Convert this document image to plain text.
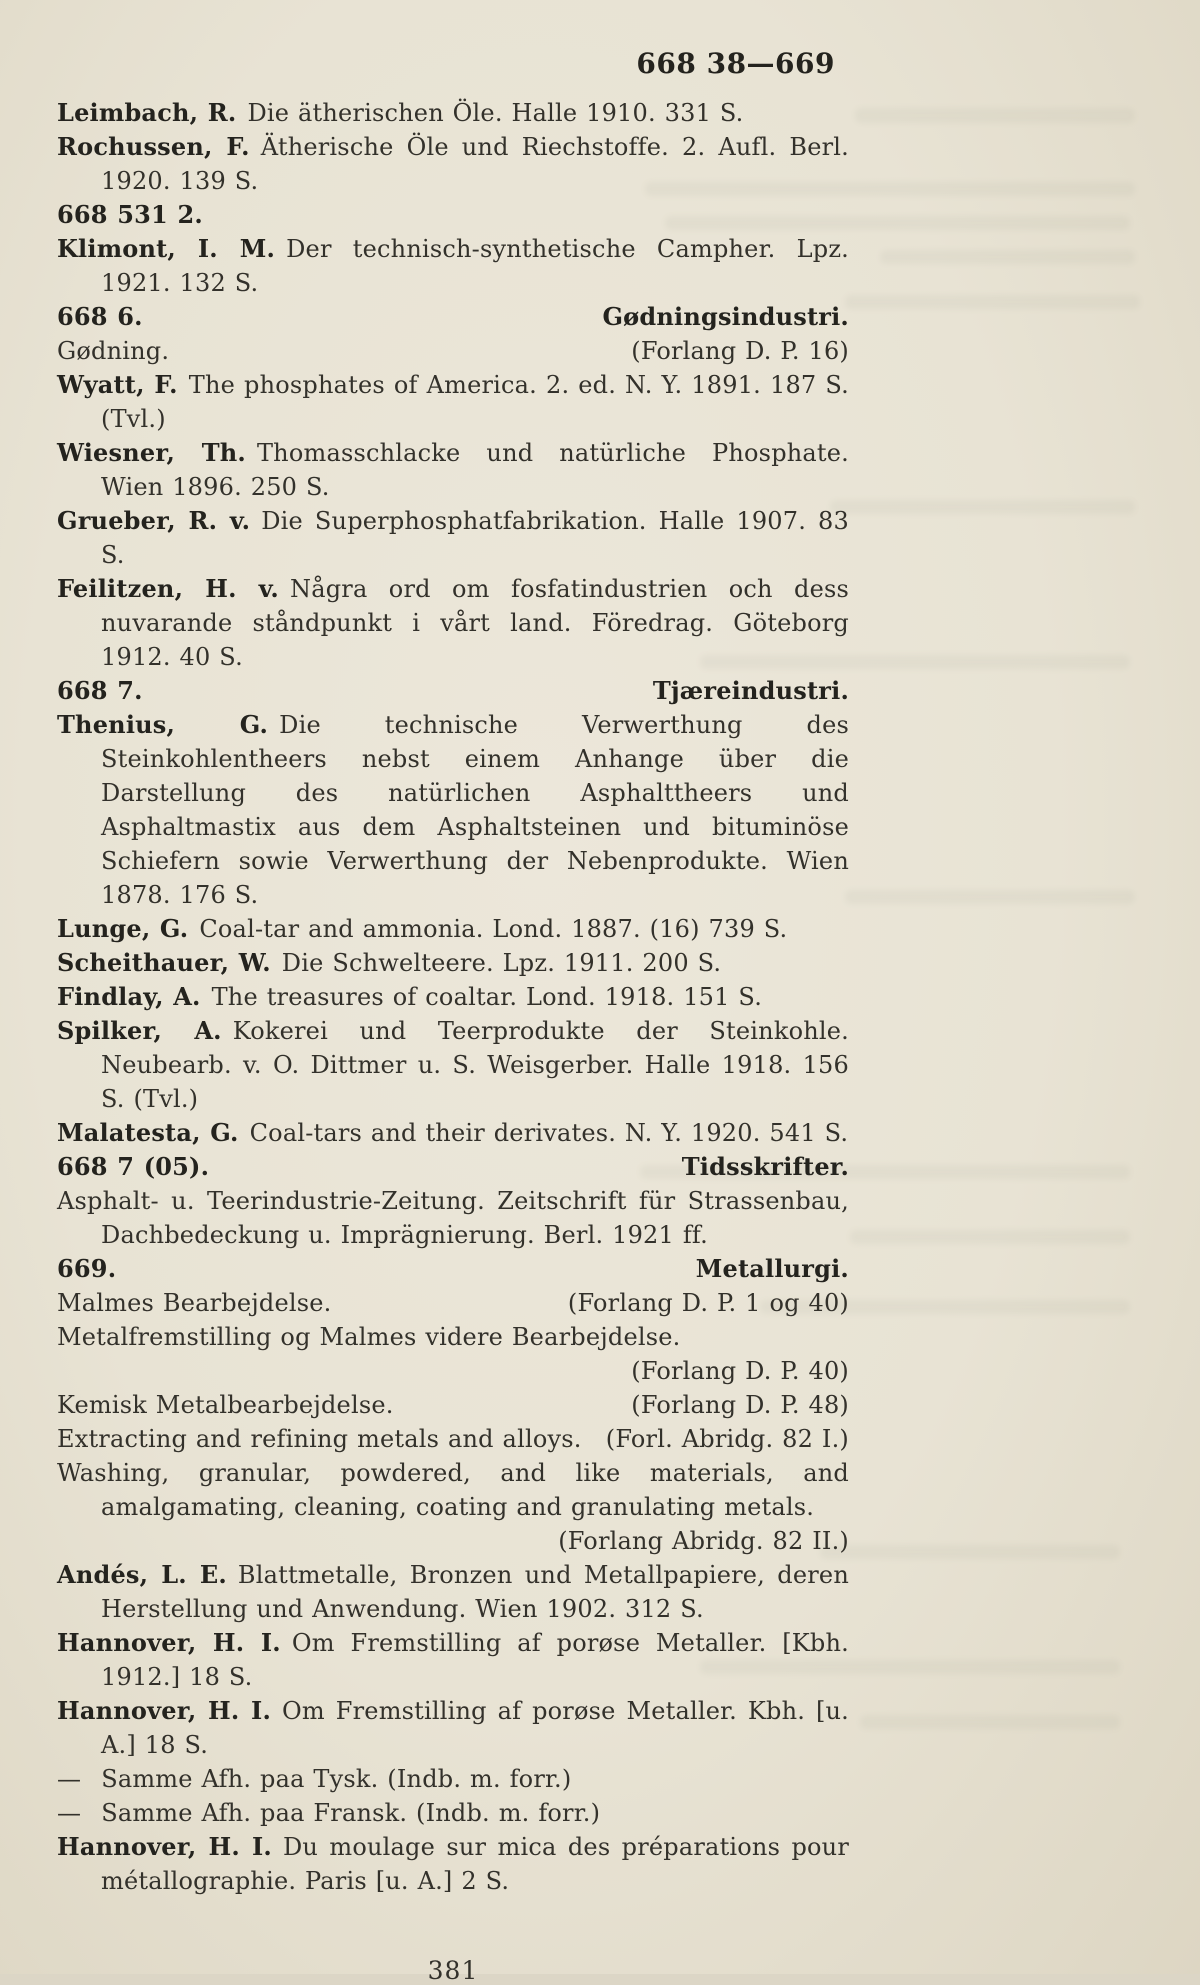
668 38—669
Leimbach, R. Die ätherischen Öle. Halle 1910. 331 S.
Rochussen, F. Ätherische Öle und Riechstoffe. 2. Aufl. Berl. 1920. 139 S.
668 531 2.
Klimont, I. M. Der technisch-synthetische Campher. Lpz. 1921. 132 S.
Gødningsindustri.
668 6.
(Forlang D. P. 16)
Gødning.
Wyatt, F. The phosphates of America. 2. ed. N. Y. 1891. 187 S. (Tvl.)
Wiesner, Th. Thomasschlacke und natürliche Phosphate. Wien 1896. 250 S.
Grueber, R. v. Die Superphosphatfabrikation. Halle 1907. 83 S.
Feilitzen, H. v. Några ord om fosfatindustrien och dess nuvarande ståndpunkt i vårt land. Föredrag. Göteborg 1912. 40 S.
Tjæreindustri.
668 7.
Thenius, G. Die technische Verwerthung des Steinkohlentheers nebst einem Anhange über die Darstellung des natürlichen Asphalttheers und Asphaltmastix aus dem Asphaltsteinen und bituminöse Schiefern sowie Verwerthung der Nebenprodukte. Wien 1878. 176 S.
Lunge, G. Coal-tar and ammonia. Lond. 1887. (16) 739 S.
Scheithauer, W. Die Schwelteere. Lpz. 1911. 200 S.
Findlay, A. The treasures of coaltar. Lond. 1918. 151 S.
Spilker, A. Kokerei und Teerprodukte der Steinkohle. Neubearb. v. O. Dittmer u. S. Weisgerber. Halle 1918. 156 S. (Tvl.)
Malatesta, G. Coal-tars and their derivates. N. Y. 1920. 541 S.
Tidsskrifter.
668 7 (05).
Asphalt- u. Teerindustrie-Zeitung. Zeitschrift für Strassenbau, Dachbedeckung u. Imprägnierung. Berl. 1921 ff.
Metallurgi.
669.
(Forlang D. P. 1 og 40)
Malmes Bearbejdelse.
Metalfremstilling og Malmes videre Bearbejdelse.
(Forlang D. P. 40)
(Forlang D. P. 48)
Kemisk Metalbearbejdelse.
(Forl. Abridg. 82 I.)
Extracting and refining metals and alloys.
Washing, granular, powdered, and like materials, and amalgamating, cleaning, coating and granulating metals.
(Forlang Abridg. 82 II.)
Andés, L. E. Blattmetalle, Bronzen und Metallpapiere, deren Herstellung und Anwendung. Wien 1902. 312 S.
Hannover, H. I. Om Fremstilling af porøse Metaller. [Kbh. 1912.] 18 S.
Hannover, H. I. Om Fremstilling af porøse Metaller. Kbh. [u. A.] 18 S.
— Samme Afh. paa Tysk. (Indb. m. forr.)
— Samme Afh. paa Fransk. (Indb. m. forr.)
Hannover, H. I. Du moulage sur mica des préparations pour métallographie. Paris [u. A.] 2 S.
381
